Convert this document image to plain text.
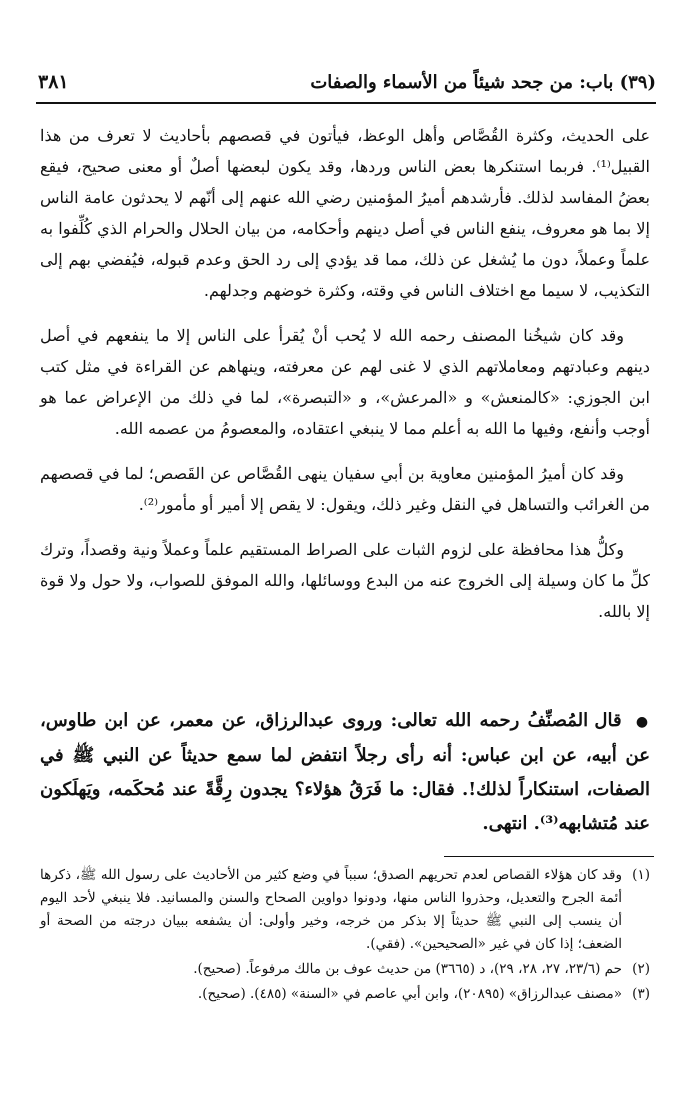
(٣٩) باب: من جحد شيئاً من الأسماء والصفات
٣٨١

على الحديث، وكثرة القُصَّاص وأهل الوعظ، فيأتون في قصصهم بأحاديث لا تعرف من هذا القبيل⁽¹⁾. فربما استنكرها بعض الناس وردها، وقد يكون لبعضها أصلٌ أو معنى صحيح، فيقع بعضُ المفاسد لذلك. فأرشدهم أميرُ المؤمنين رضي الله عنهم إلى أنّهم لا يحدثون عامة الناس إلا بما هو معروف، ينفع الناس في أصل دينهم وأحكامه، من بيان الحلال والحرام الذي كُلِّفوا به علماً وعملاً، دون ما يُشغل عن ذلك، مما قد يؤدي إلى رد الحق وعدم قبوله، فيُفضي بهم إلى التكذيب، لا سيما مع اختلاف الناس في وقته، وكثرة خوضهم وجدلهم.

وقد كان شيخُنا المصنف رحمه الله لا يُحب أنْ يُقرأ على الناس إلا ما ينفعهم في أصل دينهم وعبادتهم ومعاملاتهم الذي لا غنى لهم عن معرفته، وينهاهم عن القراءة في مثل كتب ابن الجوزي: «كالمنعش» و «المرعش»، و «التبصرة»، لما في ذلك من الإعراض عما هو أوجب وأنفع، وفيها ما الله به أعلم مما لا ينبغي اعتقاده، والمعصومُ من عصمه الله.

وقد كان أميرُ المؤمنين معاوية بن أبي سفيان ينهى القُصَّاص عن القَصص؛ لما في قصصهم من الغرائب والتساهل في النقل وغير ذلك، ويقول: لا يقص إلا أمير أو مأمور⁽²⁾.

وكلُّ هذا محافظة على لزوم الثبات على الصراط المستقيم علماً وعملاً ونية وقصداً، وترك كلِّ ما كان وسيلة إلى الخروج عنه من البدع ووسائلها، والله الموفق للصواب، ولا حول ولا قوة إلا بالله.

● قال المُصنِّفُ رحمه الله تعالى: وروى عبدالرزاق، عن معمر، عن ابن طاوس، عن أبيه، عن ابن عباس: أنه رأى رجلاً انتفض لما سمع حديثاً عن النبي ﷺ في الصفات، استنكاراً لذلك!. فقال: ما فَرَقُ هؤلاء؟ يجدون رِقَّةً عند مُحكَمه، ويَهلَكون عند مُتشابهه⁽³⁾. انتهى.

(١)
وقد كان هؤلاء القصاص لعدم تحريهم الصدق؛ سبباً في وضع كثير من الأحاديث على رسول الله ﷺ، ذكرها أئمة الجرح والتعديل، وحذروا الناس منها، ودونوا دواوين الصحاح والسنن والمسانيد. فلا ينبغي لأحد اليوم أن ينسب إلى النبي ﷺ حديثاً إلا بذكر من خرجه، وخير وأولى: أن يشفعه ببيان درجته من الصحة أو الضعف؛ إذا كان في غير «الصحيحين». (فقي).
(٢)
حم (٢٣/٦، ٢٧، ٢٨، ٢٩)، د (٣٦٦٥) من حديث عوف بن مالك مرفوعاً. (صحيح).
(٣)
«مصنف عبدالرزاق» (٢٠٨٩٥)، وابن أبي عاصم في «السنة» (٤٨٥). (صحيح).
